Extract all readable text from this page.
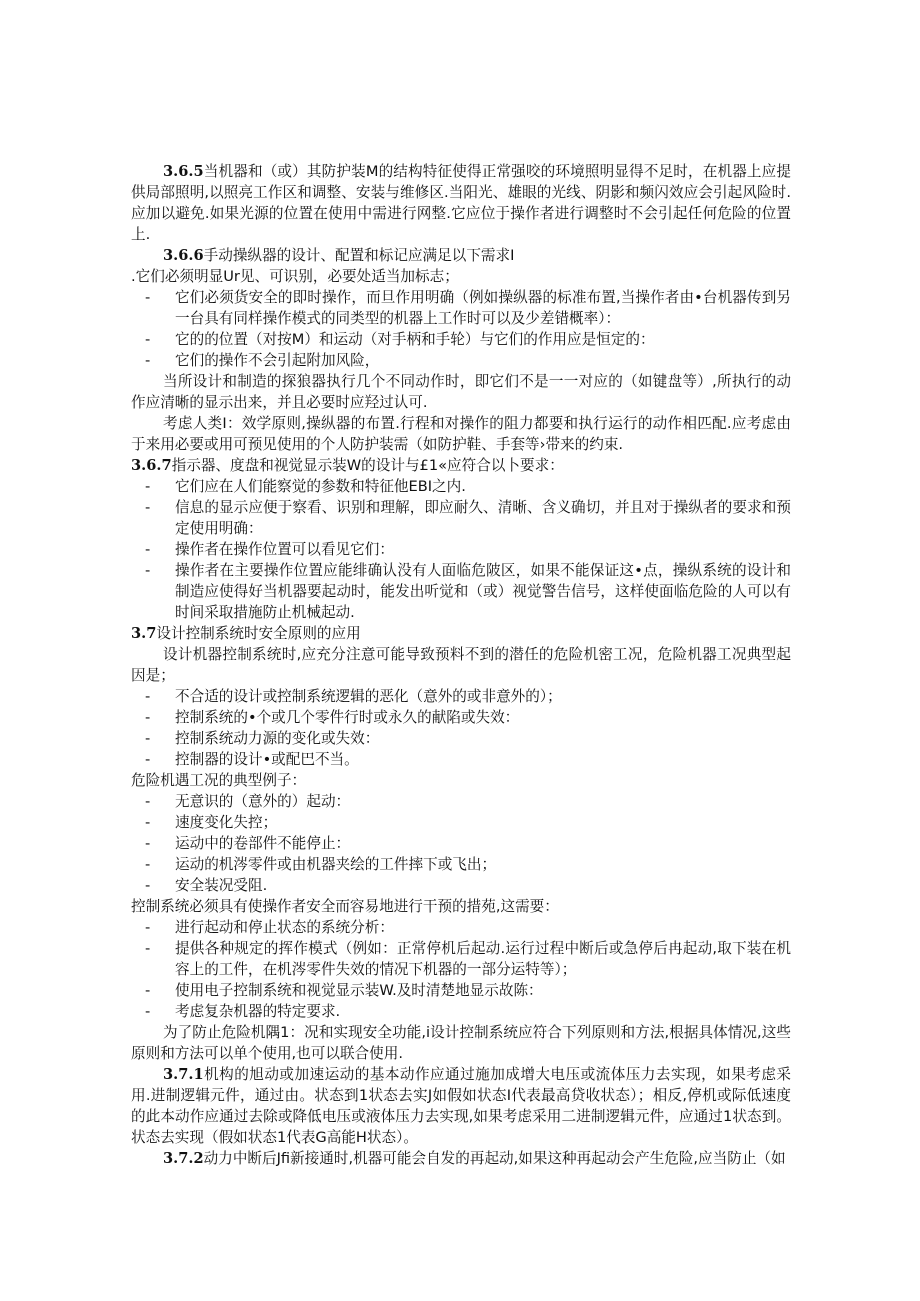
3.6.5当机器和（或）其防护装M的结构特征使得正常强咬的环境照明显得不足时，在机器上应提供局部照明,以照亮工作区和调整、安装与维修区.当阳光、雄眼的光线、阴影和频闪效应会引起风险时.应加以避免.如果光源的位置在使用中需进行网整.它应位于操作者进行调整时不会引起任何危险的位置上.
3.6.6手动操纵器的设计、配置和标记应满足以下需求I
.它们必须明显Ur见、可识别，必要处适当加标志；
- 它们必须货安全的即时操作，而旦作用明确（例如操纵器的标准布置,当操作者由•台机器传到另一台具有同样操作模式的同类型的机器上工作时可以及少差错概率）：
- 它的的位置（对按M）和运动（对手柄和手轮）与它们的作用应是恒定的：
- 它们的操作不会引起附加风险，
当所设计和制造的探狼器执行几个不同动作时，即它们不是一一对应的（如键盘等）,所执行的动作应清晰的显示出来，并且必要时应羟过认可.
考虑人类I：效学原则,操纵器的布置.行程和对操作的阻力都要和执行运行的动作相匹配.应考虑由于来用必要或用可预见使用的个人防护装需（如防护鞋、手套等›带来的约束.
3.6.7指示器、度盘和视觉显示装W的设计与£1«应符合以卜要求：
- 它们应在人们能察觉的参数和特征他EBI之内.
- 信息的显示应便于察看、识别和理解，即应耐久、清晰、含义确切，并且对于操纵者的要求和预定使用明确：
- 操作者在操作位置可以看见它们：
- 操作者在主要操作位置应能绯确认没有人面临危陂区，如果不能保证这•点，操纵系统的设计和制造应使得好当机器要起动时，能发出听觉和（或）视觉警告信号，这样使面临危险的人可以有时间采取措施防止机械起动.
3.7设计控制系统时安全原则的应用
设计机器控制系统时,应充分注意可能导致预料不到的潜任的危险机密工况，危险机器工况典型起因是；
- 不合适的设计或控制系统逻辑的恶化（意外的或非意外的）；
- 控制系统的•个或几个零件行时或永久的献陷或失效：
- 控制系统动力源的变化或失效：
- 控制器的设计•或配巴不当。
危险机遇工况的典型例子：
- 无意识的（意外的）起动：
- 速度变化失控；
- 运动中的卷部件不能停止：
- 运动的机涔零件或由机器夹绘的工件摔下或飞出；
- 安全装况受阻.
控制系统必须具有使操作者安全而容易地进行干预的措苑,这需要：
- 进行起动和停止状态的系统分析：
- 提供各种规定的挥作模式（例如：正常停机后起动.运行过程中断后或急停后冉起动,取下装在机容上的工件，在机涔零件失效的情况下机器的一部分运特等）；
- 使用电子控制系统和视觉显示装W.及时清楚地显示故陈：
- 考虑复杂机器的特定要求.
为了防止危险机隅1：况和实现安全功能,i设计控制系统应符合下列原则和方法,根据具体情况,这些原则和方法可以单个使用,也可以联合使用.
3.7.1机构的旭动或加速运动的基本动作应通过施加成增大电压或流体压力去实现，如果考虑采用.进制逻辑元件，通过由。状态到1状态去实J如假如状态I代表最高贷收状态）；相反,停机或际低速度的此本动作应通过去除或降低电压或液体压力去实现,如果考虑采用二进制逻辑元件，应通过1状态到。状态去实现（假如状态1代表G高能H状态）。
3.7.2动力中断后Jfi新接通时,机器可能会自发的再起动,如果这种再起动会产生危险,应当防止（如
